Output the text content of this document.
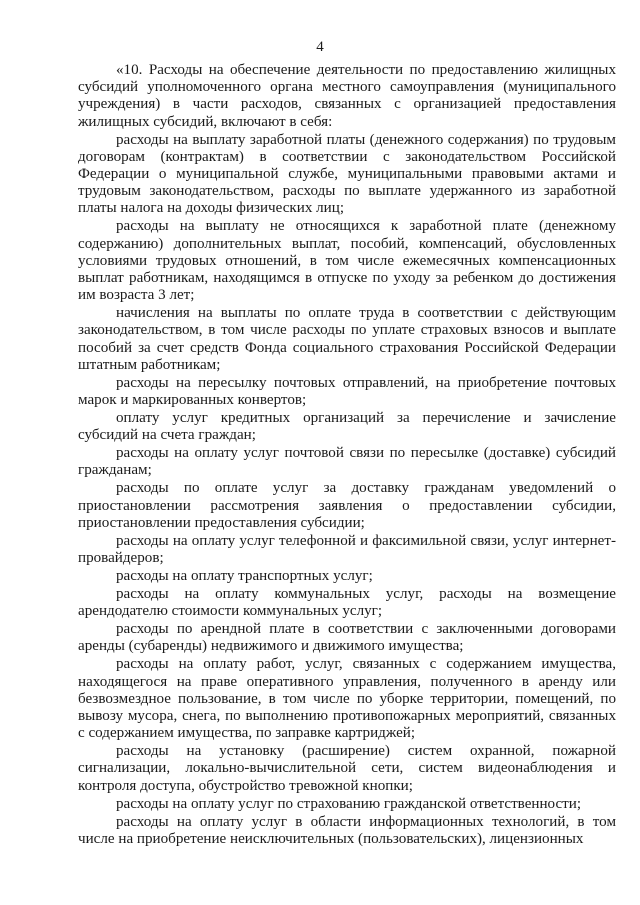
4

«10. Расходы на обеспечение деятельности по предоставлению жилищных субсидий уполномоченного органа местного самоуправления (муниципального учреждения) в части расходов, связанных с организацией предоставления жилищных субсидий, включают в себя:

расходы на выплату заработной платы (денежного содержания) по трудовым договорам (контрактам) в соответствии с законодательством Российской Федерации о муниципальной службе, муниципальными правовыми актами и трудовым законодательством, расходы по выплате удержанного из заработной платы налога на доходы физических лиц;

расходы на выплату не относящихся к заработной плате (денежному содержанию) дополнительных выплат, пособий, компенсаций, обусловленных условиями трудовых отношений, в том числе ежемесячных компенсационных выплат работникам, находящимся в отпуске по уходу за ребенком до достижения им возраста 3 лет;

начисления на выплаты по оплате труда в соответствии с действующим законодательством, в том числе расходы по уплате страховых взносов и выплате пособий за счет средств Фонда социального страхования Российской Федерации штатным работникам;

расходы на пересылку почтовых отправлений, на приобретение почтовых марок и маркированных конвертов;

оплату услуг кредитных организаций за перечисление и зачисление субсидий на счета граждан;

расходы на оплату услуг почтовой связи по пересылке (доставке) субсидий гражданам;

расходы по оплате услуг за доставку гражданам уведомлений о приостановлении рассмотрения заявления о предоставлении субсидии, приостановлении предоставления субсидии;

расходы на оплату услуг телефонной и факсимильной связи, услуг интернет-провайдеров;

расходы на оплату транспортных услуг;

расходы на оплату коммунальных услуг, расходы на возмещение арендодателю стоимости коммунальных услуг;

расходы по арендной плате в соответствии с заключенными договорами аренды (субаренды) недвижимого и движимого имущества;

расходы на оплату работ, услуг, связанных с содержанием имущества, находящегося на праве оперативного управления, полученного в аренду или безвозмездное пользование, в том числе по уборке территории, помещений, по вывозу мусора, снега, по выполнению противопожарных мероприятий, связанных с содержанием имущества, по заправке картриджей;

расходы на установку (расширение) систем охранной, пожарной сигнализации, локально-вычислительной сети, систем видеонаблюдения и контроля доступа, обустройство тревожной кнопки;

расходы на оплату услуг по страхованию гражданской ответственности;

расходы на оплату услуг в области информационных технологий, в том числе на приобретение неисключительных (пользовательских), лицензионных
